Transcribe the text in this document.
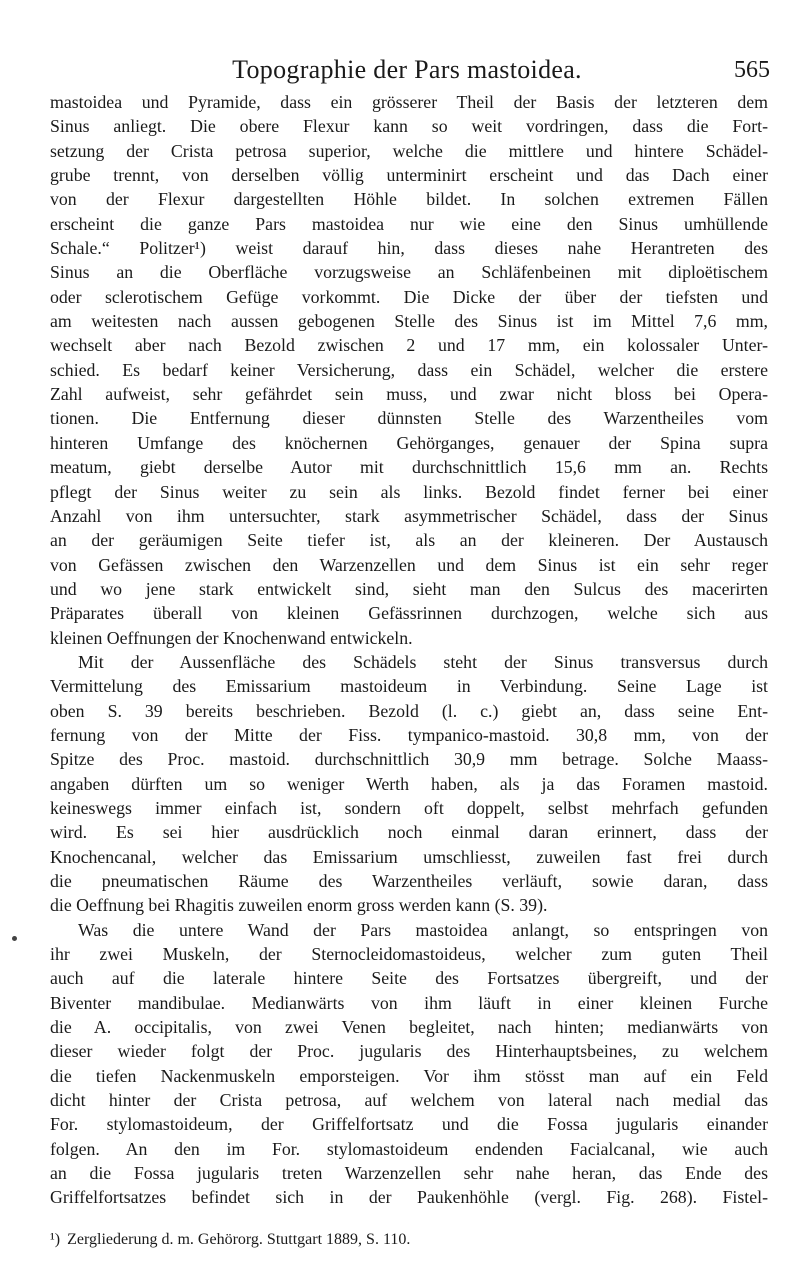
Topographie der Pars mastoidea.	565
mastoidea und Pyramide, dass ein grösserer Theil der Basis der letzteren dem
Sinus anliegt. Die obere Flexur kann so weit vordringen, dass die Fort-
setzung der Crista petrosa superior, welche die mittlere und hintere Schädel-
grube trennt, von derselben völlig unterminirt erscheint und das Dach einer
von der Flexur dargestellten Höhle bildet. In solchen extremen Fällen
erscheint die ganze Pars mastoidea nur wie eine den Sinus umhüllende
Schale.“ Politzer¹) weist darauf hin, dass dieses nahe Herantreten des
Sinus an die Oberfläche vorzugsweise an Schläfenbeinen mit diploëtischem
oder sclerotischem Gefüge vorkommt. Die Dicke der über der tiefsten und
am weitesten nach aussen gebogenen Stelle des Sinus ist im Mittel 7,6 mm,
wechselt aber nach Bezold zwischen 2 und 17 mm, ein kolossaler Unter-
schied. Es bedarf keiner Versicherung, dass ein Schädel, welcher die erstere
Zahl aufweist, sehr gefährdet sein muss, und zwar nicht bloss bei Opera-
tionen. Die Entfernung dieser dünnsten Stelle des Warzentheiles vom
hinteren Umfange des knöchernen Gehörganges, genauer der Spina supra
meatum, giebt derselbe Autor mit durchschnittlich 15,6 mm an. Rechts
pflegt der Sinus weiter zu sein als links. Bezold findet ferner bei einer
Anzahl von ihm untersuchter, stark asymmetrischer Schädel, dass der Sinus
an der geräumigen Seite tiefer ist, als an der kleineren. Der Austausch
von Gefässen zwischen den Warzenzellen und dem Sinus ist ein sehr reger
und wo jene stark entwickelt sind, sieht man den Sulcus des macerirten
Präparates überall von kleinen Gefässrinnen durchzogen, welche sich aus
kleinen Oeffnungen der Knochenwand entwickeln.
Mit der Aussenfläche des Schädels steht der Sinus transversus durch
Vermittelung des Emissarium mastoideum in Verbindung. Seine Lage ist
oben S. 39 bereits beschrieben. Bezold (l. c.) giebt an, dass seine Ent-
fernung von der Mitte der Fiss. tympanico-mastoid. 30,8 mm, von der
Spitze des Proc. mastoid. durchschnittlich 30,9 mm betrage. Solche Maass-
angaben dürften um so weniger Werth haben, als ja das Foramen mastoid.
keineswegs immer einfach ist, sondern oft doppelt, selbst mehrfach gefunden
wird. Es sei hier ausdrücklich noch einmal daran erinnert, dass der
Knochencanal, welcher das Emissarium umschliesst, zuweilen fast frei durch
die pneumatischen Räume des Warzentheiles verläuft, sowie daran, dass
die Oeffnung bei Rhagitis zuweilen enorm gross werden kann (S. 39).
Was die untere Wand der Pars mastoidea anlangt, so entspringen von
ihr zwei Muskeln, der Sternocleidomastoideus, welcher zum guten Theil
auch auf die laterale hintere Seite des Fortsatzes übergreift, und der
Biventer mandibulae. Medianwärts von ihm läuft in einer kleinen Furche
die A. occipitalis, von zwei Venen begleitet, nach hinten; medianwärts von
dieser wieder folgt der Proc. jugularis des Hinterhauptsbeines, zu welchem
die tiefen Nackenmuskeln emporsteigen. Vor ihm stösst man auf ein Feld
dicht hinter der Crista petrosa, auf welchem von lateral nach medial das
For. stylomastoideum, der Griffelfortsatz und die Fossa jugularis einander
folgen. An den im For. stylomastoideum endenden Facialcanal, wie auch
an die Fossa jugularis treten Warzenzellen sehr nahe heran, das Ende des
Griffelfortsatzes befindet sich in der Paukenhöhle (vergl. Fig. 268). Fistel-
¹) Zergliederung d. m. Gehörorg. Stuttgart 1889, S. 110.
